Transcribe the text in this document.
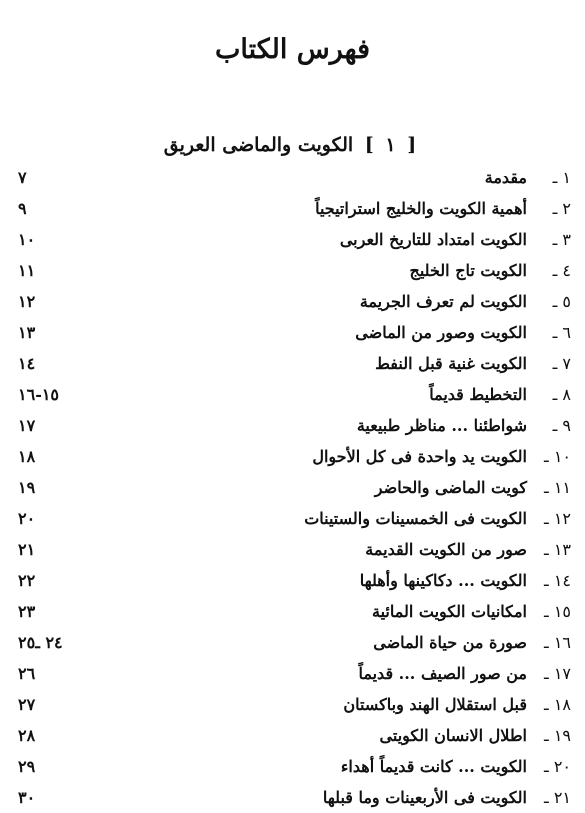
فهرس الكتاب
[ ١ ] الكويت والماضى العريق
١ ـ
مقدمة
٧
٢ ـ
أهمية الكويت والخليج استراتيجياً
٩
٣ ـ
الكويت امتداد للتاريخ العربى
١٠
٤ ـ
الكويت تاج الخليج
١١
٥ ـ
الكويت لم تعرف الجريمة
١٢
٦ ـ
الكويت وصور من الماضى
١٣
٧ ـ
الكويت غنية قبل النفط
١٤
٨ ـ
التخطيط قديماً
١٥-١٦
٩ ـ
شواطئنا ... مناظر طبيعية
١٧
١٠ ـ
الكويت يد واحدة فى كل الأحوال
١٨
١١ ـ
كويت الماضى والحاضر
١٩
١٢ ـ
الكويت فى الخمسينات والستينات
٢٠
١٣ ـ
صور من الكويت القديمة
٢١
١٤ ـ
الكويت ... دكاكينها وأهلها
٢٢
١٥ ـ
امكانيات الكويت المائية
٢٣
١٦ ـ
صورة من حياة الماضى
٢٤ ـ٢٥
١٧ ـ
من صور الصيف ... قديماً
٢٦
١٨ ـ
قبل استقلال الهند وباكستان
٢٧
١٩ ـ
اطلال الانسان الكويتى
٢٨
٢٠ ـ
الكويت ... كانت قديماً أهداء
٢٩
٢١ ـ
الكويت فى الأربعينات وما قبلها
٣٠
